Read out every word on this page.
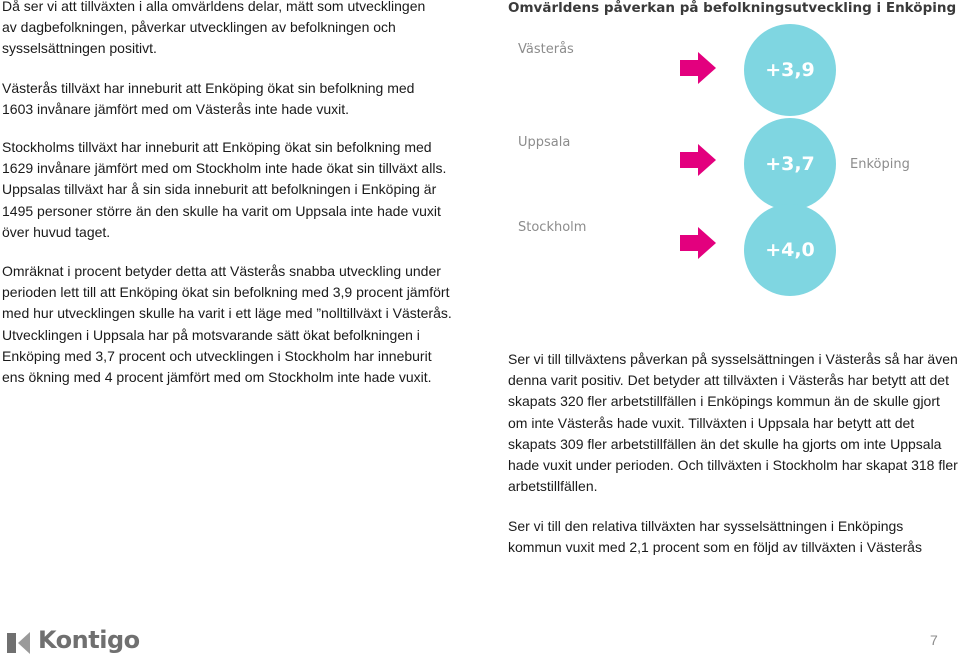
Då ser vi att tillväxten i alla omvärldens delar, mätt som utvecklingen av dagbefolkningen, påverkar utvecklingen av befolkningen och sysselsättningen positivt.

Västerås tillväxt har inneburit att Enköping ökat sin befolkning med 1603 invånare jämfört med om Västerås inte hade vuxit.

Stockholms tillväxt har inneburit att Enköping ökat sin befolkning med 1629 invånare jämfört med om Stockholm inte hade ökat sin tillväxt alls. Uppsalas tillväxt har å sin sida inneburit att befolkningen i Enköping är 1495 personer större än den skulle ha varit om Uppsala inte hade vuxit över huvud taget.

Omräknat i procent betyder detta att Västerås snabba utveckling under perioden lett till att Enköping ökat sin befolkning med 3,9 procent jämfört med hur utvecklingen skulle ha varit i ett läge med ”nolltillväxt i Västerås. Utvecklingen i Uppsala har på motsvarande sätt ökat befolkningen i Enköping med 3,7 procent och utvecklingen i Stockholm har inneburit ens ökning med 4 procent jämfört med om Stockholm inte hade vuxit.

Omvärldens påverkan på befolkningsutveckling i Enköping

Västerås
+3,9
Uppsala
+3,7	Enköping
Stockholm
+4,0

Ser vi till tillväxtens påverkan på sysselsättningen i Västerås så har även denna varit positiv. Det betyder att tillväxten i Västerås har betytt att det skapats 320 fler arbetstillfällen i Enköpings kommun än de skulle gjort om inte Västerås hade vuxit. Tillväxten i Uppsala har betytt att det skapats 309 fler arbetstillfällen än det skulle ha gjorts om inte Uppsala hade vuxit under perioden. Och tillväxten i Stockholm har skapat 318 fler arbetstillfällen.

Ser vi till den relativa tillväxten har sysselsättningen i Enköpings kommun vuxit med 2,1 procent som en följd av tillväxten i Västerås

Kontigo	7
